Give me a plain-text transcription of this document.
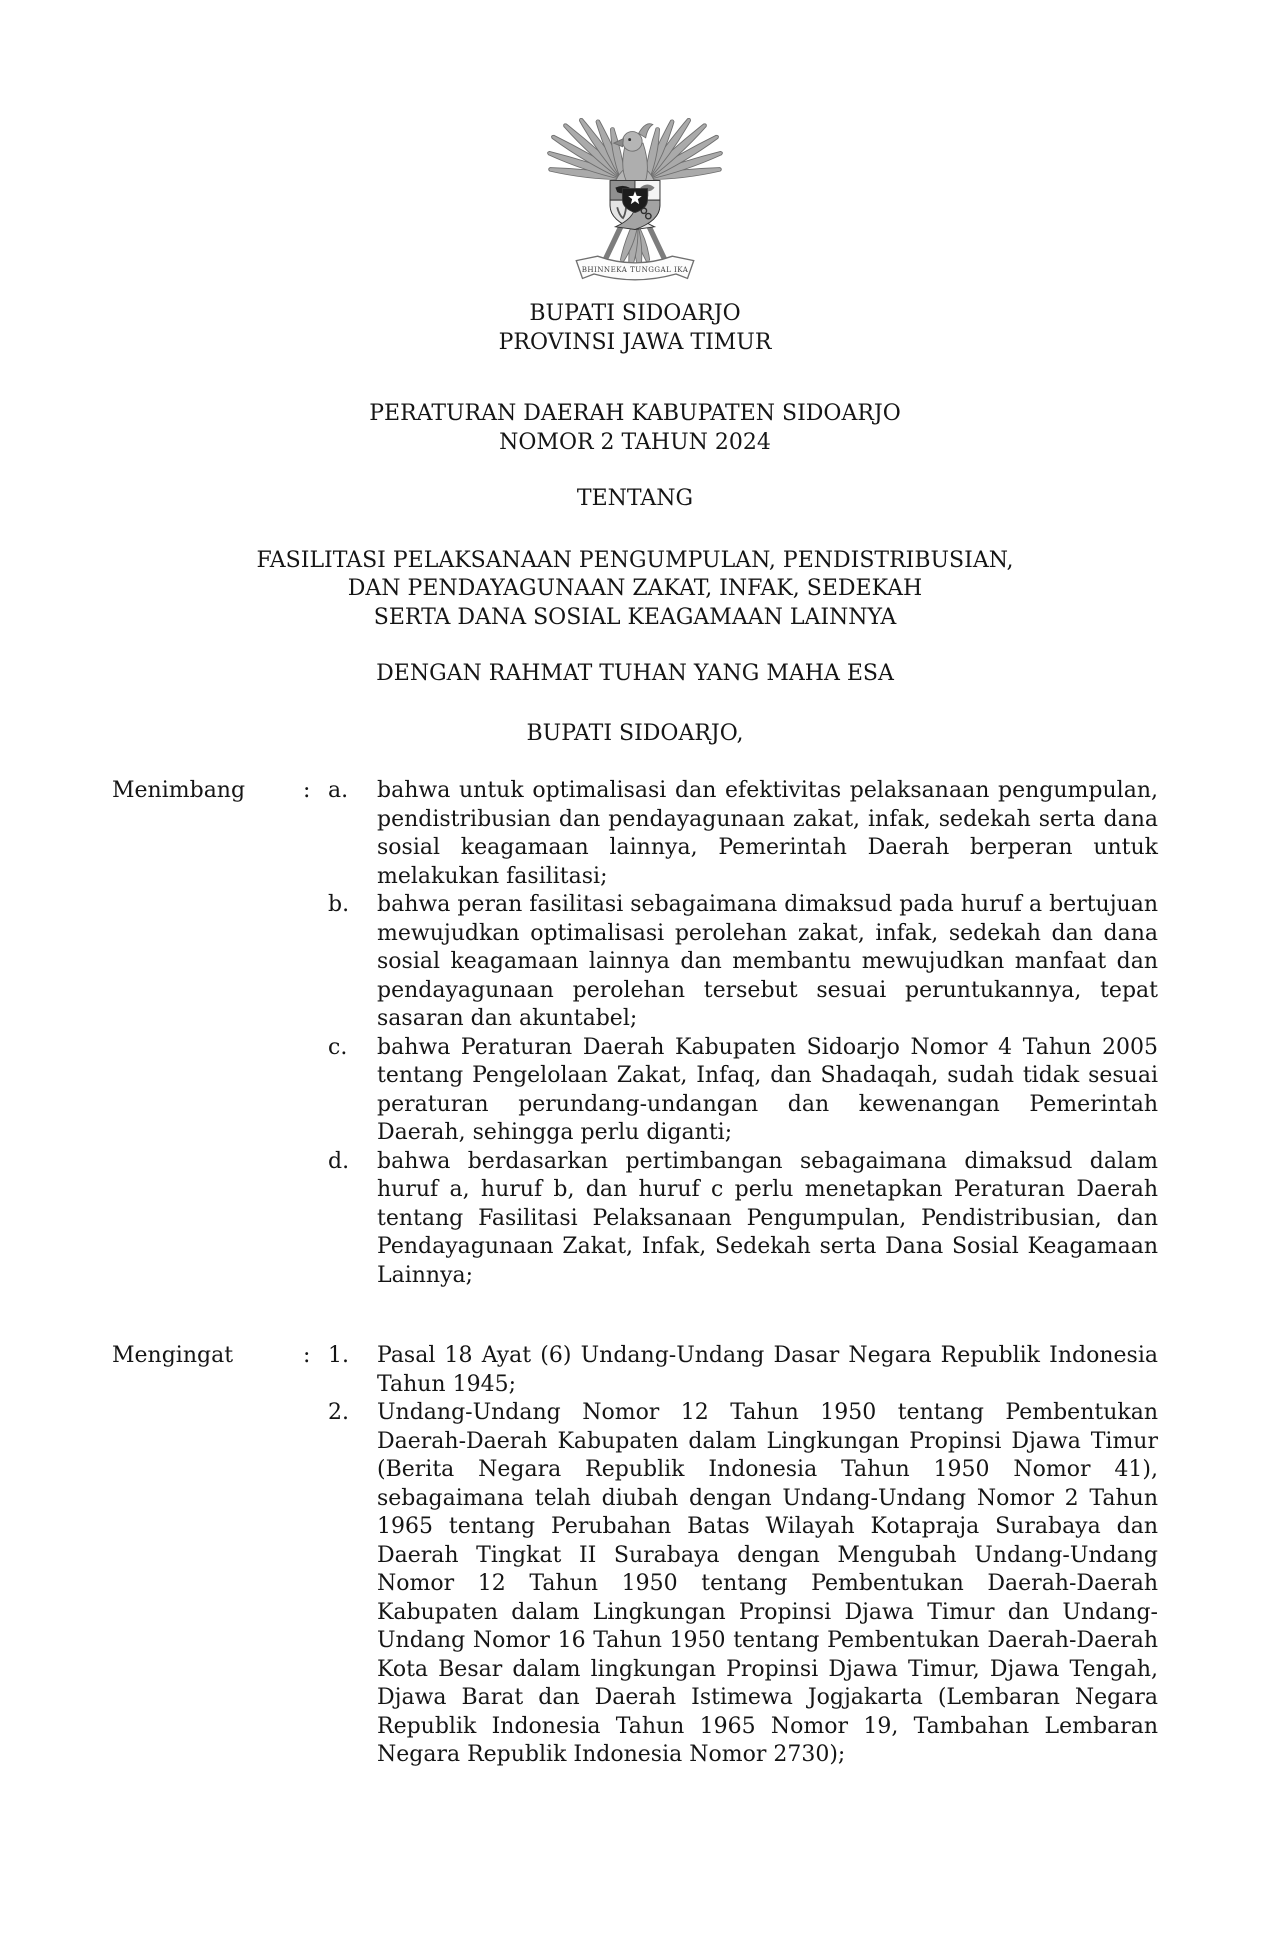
BHINNEKA TUNGGAL IKA
BUPATI SIDOARJO
PROVINSI JAWA TIMUR
PERATURAN DAERAH KABUPATEN SIDOARJO
NOMOR 2 TAHUN 2024
TENTANG
FASILITASI PELAKSANAAN PENGUMPULAN, PENDISTRIBUSIAN,
DAN PENDAYAGUNAAN ZAKAT, INFAK, SEDEKAH
SERTA DANA SOSIAL KEAGAMAAN LAINNYA
DENGAN RAHMAT TUHAN YANG MAHA ESA
BUPATI SIDOARJO,
Menimbang	: a.	bahwa untuk optimalisasi dan efektivitas pelaksanaan pengumpulan, pendistribusian dan pendayagunaan zakat, infak, sedekah serta dana sosial keagamaan lainnya, Pemerintah Daerah berperan untuk melakukan fasilitasi;

b.	bahwa peran fasilitasi sebagaimana dimaksud pada huruf a bertujuan mewujudkan optimalisasi perolehan zakat, infak, sedekah dan dana sosial keagamaan lainnya dan membantu mewujudkan manfaat dan pendayagunaan perolehan tersebut sesuai peruntukannya, tepat sasaran dan akuntabel;

c.	bahwa Peraturan Daerah Kabupaten Sidoarjo Nomor 4 Tahun 2005 tentang Pengelolaan Zakat, Infaq, dan Shadaqah, sudah tidak sesuai peraturan perundang-undangan dan kewenangan Pemerintah Daerah, sehingga perlu diganti;

d.	bahwa berdasarkan pertimbangan sebagaimana dimaksud dalam huruf a, huruf b, dan huruf c perlu menetapkan Peraturan Daerah tentang Fasilitasi Pelaksanaan Pengumpulan, Pendistribusian, dan Pendayagunaan Zakat, Infak, Sedekah serta Dana Sosial Keagamaan Lainnya;

Mengingat	: 1.	Pasal 18 Ayat (6) Undang-Undang Dasar Negara Republik Indonesia Tahun 1945;

2.	Undang-Undang Nomor 12 Tahun 1950 tentang Pembentukan Daerah-Daerah Kabupaten dalam Lingkungan Propinsi Djawa Timur (Berita Negara Republik Indonesia Tahun 1950 Nomor 41), sebagaimana telah diubah dengan Undang-Undang Nomor 2 Tahun 1965 tentang Perubahan Batas Wilayah Kotapraja Surabaya dan Daerah Tingkat II Surabaya dengan Mengubah Undang-Undang Nomor 12 Tahun 1950 tentang Pembentukan Daerah-Daerah Kabupaten dalam Lingkungan Propinsi Djawa Timur dan Undang-Undang Nomor 16 Tahun 1950 tentang Pembentukan Daerah-Daerah Kota Besar dalam lingkungan Propinsi Djawa Timur, Djawa Tengah, Djawa Barat dan Daerah Istimewa Jogjakarta (Lembaran Negara Republik Indonesia Tahun 1965 Nomor 19, Tambahan Lembaran Negara Republik Indonesia Nomor 2730);
